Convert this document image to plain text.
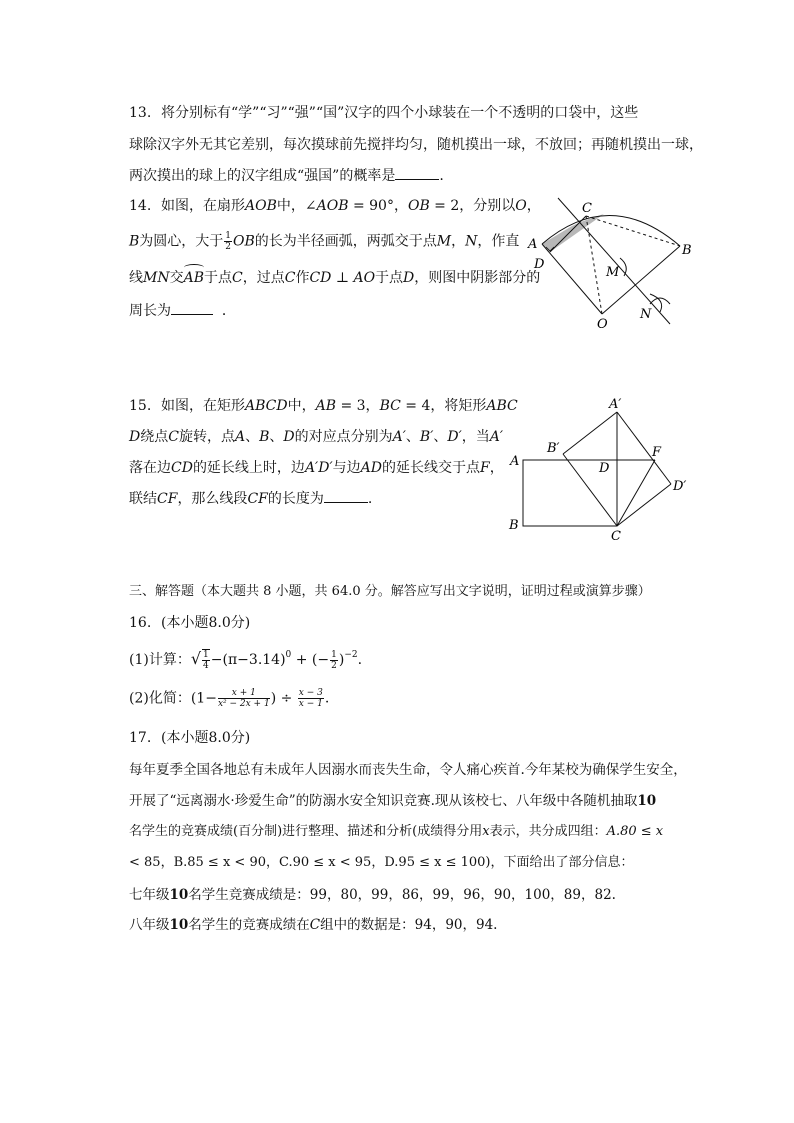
13. 将分别标有“学”“习”“强”“国”汉字的四个小球装在一个不透明的口袋中，这些
球除汉字外无其它差别，每次摸球前先搅拌均匀，随机摸出一球，不放回；再随机摸出一球，
两次摸出的球上的汉字组成“强国”的概率是	.
14. 如图，在扇形AOB中，∠AOB = 90°，OB = 2，分别以O，
B为圆心，大于 $\frac{1}{2}$ OB的长为半径画弧，两弧交于点M，N，作直
线MN交
AB于点C，过点C作CD ⊥ AO于点D，则图中阴影部分的
周长为	．
A	B
C
D
M
N
O
15. 如图，在矩形ABCD中，AB = 3，BC = 4，将矩形ABC
D绕点C旋转，点A、B、D的对应点分别为A′、B′、D′，当A′
落在边CD的延长线上时，边A′D′与边AD的延长线交于点F，
联结CF，那么线段CF的长度为	.
A′
B′
A	D
F
D′
B
C
三、解答题（本大题共 8 小题，共 64.0 分。解答应写出文字说明，证明过程或演算步骤）
16. (本小题8.0分)
(1)计算：√ $\frac{1}{4} -(\pi-3.14)^0$ + (− $\frac{1}{2} )^{-2}$.
(2)化简：($1- \frac{x + 1}{\text{x² − 2x + 1}}$ ) ÷ $\frac{x - 3}{x - 1}$ .
17. (本小题8.0分)
每年夏季全国各地总有未成年人因溺水而丧失生命，令人痛心疾首.今年某校为确保学生安全，
开展了“远离溺水·珍爱生命”的防溺水安全知识竞赛.现从该校七、八年级中各随机抽取10
名学生的竞赛成绩(百分制)进行整理、描述和分析(成绩得分用x表示，共分成四组：A.80 ≤ x
< 85，B.85 ≤ x < 90，C.90 ≤ x < 95，D.95 ≤ x ≤ 100)，下面给出了部分信息：
七年级10名学生竞赛成绩是：99，80，99，86，99，96，90，100，89，82.
八年级10名学生的竞赛成绩在C组中的数据是：94，90，94.
